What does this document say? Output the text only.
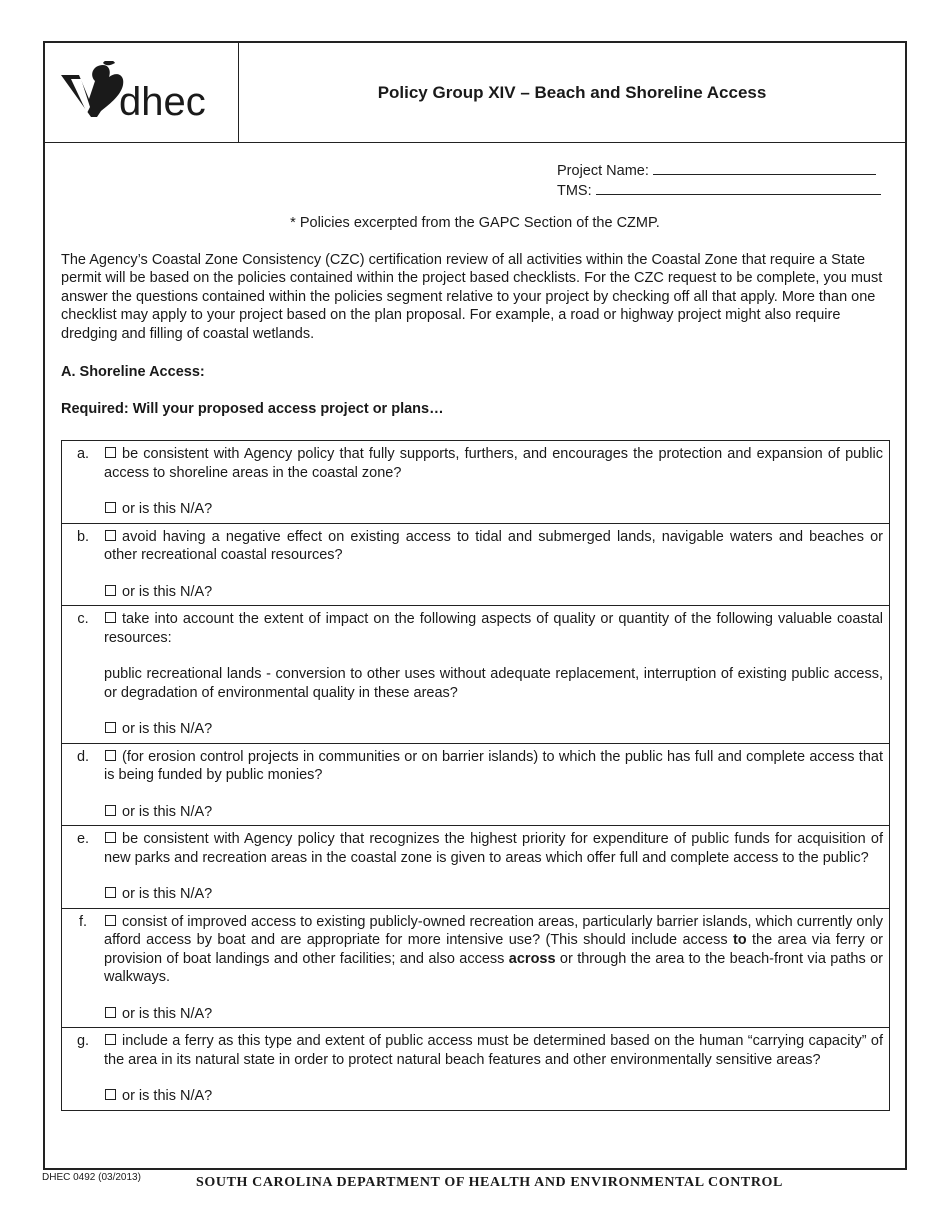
dhec	Policy Group XIV – Beach and Shoreline Access
Project Name:
TMS:
* Policies excerpted from the GAPC Section of the CZMP.
The Agency’s Coastal Zone Consistency (CZC) certification review of all activities within the Coastal Zone that require a State permit will be based on the policies contained within the project based checklists. For the CZC request to be complete, you must answer the questions contained within the policies segment relative to your project by checking off all that apply. More than one checklist may apply to your project based on the plan proposal. For example, a road or highway project might also require dredging and filling of coastal wetlands.
A. Shoreline Access:
Required: Will your proposed access project or plans…
a.	be consistent with Agency policy that fully supports, furthers, and encourages the protection and expansion of public access to shoreline areas in the coastal zone?

or is this N/A?

b.	avoid having a negative effect on existing access to tidal and submerged lands, navigable waters and beaches or other recreational coastal resources?

or is this N/A?

c.	take into account the extent of impact on the following aspects of quality or quantity of the following valuable coastal resources:

public recreational lands - conversion to other uses without adequate replacement, interruption of existing public access, or degradation of environmental quality in these areas?

or is this N/A?

d.	(for erosion control projects in communities or on barrier islands) to which the public has full and complete access that is being funded by public monies?

or is this N/A?

e.	be consistent with Agency policy that recognizes the highest priority for expenditure of public funds for acquisition of new parks and recreation areas in the coastal zone is given to areas which offer full and complete access to the public?

or is this N/A?

f.	consist of improved access to existing publicly-owned recreation areas, particularly barrier islands, which currently only afford access by boat and are appropriate for more intensive use? (This should include access to the area via ferry or provision of boat landings and other facilities; and also access across or through the area to the beach-front via paths or walkways.

or is this N/A?

g.	include a ferry as this type and extent of public access must be determined based on the human “carrying capacity” of the area in its natural state in order to protect natural beach features and other environmentally sensitive areas?

or is this N/A?

DHEC 0492 (03/2013)	SOUTH CAROLINA DEPARTMENT OF HEALTH AND ENVIRONMENTAL CONTROL
